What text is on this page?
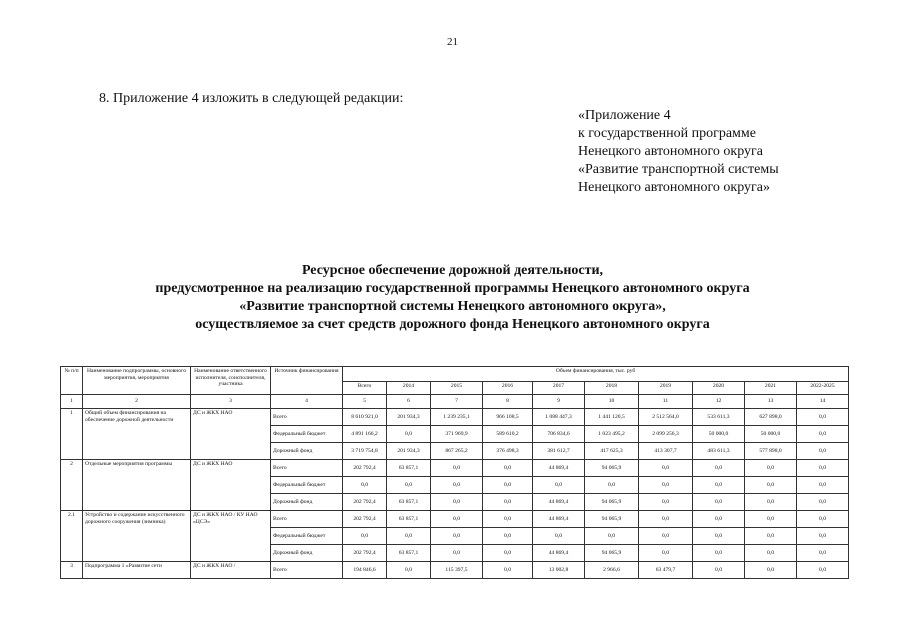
21
8. Приложение 4 изложить в следующей редакции:
«Приложение 4
к государственной программе
Ненецкого автономного округа
«Развитие транспортной системы
Ненецкого автономного округа»
Ресурсное обеспечение дорожной деятельности,
предусмотренное на реализацию государственной программы Ненецкого автономного округа
«Развитие транспортной системы Ненецкого автономного округа»,
осуществляемое за счет средств дорожного фонда Ненецкого автономного округа
№ п/п	Наименование подпрограммы, основного мероприятия, мероприятия	Наименование ответственного исполнителя, соисполнителя, участника	Источник финансирования	Объем финансирования, тыс. руб									
				Всего	2014	2015	2016	2017	2018	2019	2020	2021	2022-2025
1	2	3	4	5	6	7	8	9	10	11	12	13	14
1	Общий объем финансирования на обеспечение дорожной деятельности	ДС и ЖКХ НАО	Всего	8 610 921,0	201 934,3	1 239 235,1	966 108,5	1 088 447,3	1 441 120,5	2 512 564,0	533 611,3	627 898,0	0,0
			Федеральный бюджет	4 891 166,2	0,0	371 969,9	589 610,2	706 834,6	1 023 495,2	2 099 256,3	50 000,0	50 000,0	0,0
			Дорожный фонд	3 719 754,8	201 934,3	867 265,2	376 498,3	381 612,7	417 625,3	413 307,7	483 611,3	577 898,0	0,0
2	Отдельные мероприятия программы	ДС и ЖКХ НАО	Всего	202 792,4	63 857,1	0,0	0,0	44 869,4	94 065,9	0,0	0,0	0,0	0,0
			Федеральный бюджет	0,0	0,0	0,0	0,0	0,0	0,0	0,0	0,0	0,0	0,0
			Дорожный фонд	202 792,4	63 857,1	0,0	0,0	44 869,4	94 065,9	0,0	0,0	0,0	0,0
2.1	Устройство и содержание искусственного дорожного сооружения (зимника)	ДС и ЖКХ НАО / КУ НАО «ЦСЭ»	Всего	202 792,4	63 857,1	0,0	0,0	44 869,4	94 065,9	0,0	0,0	0,0	0,0
			Федеральный бюджет	0,0	0,0	0,0	0,0	0,0	0,0	0,0	0,0	0,0	0,0
			Дорожный фонд	202 792,4	63 857,1	0,0	0,0	44 869,4	94 065,9	0,0	0,0	0,0	0,0
3	Подпрограмма 1 «Развитие сети	ДС и ЖКХ НАО /	Всего	194 846,6	0,0	115 397,5	0,0	13 002,8	2 966,6	63 479,7	0,0	0,0	0,0
